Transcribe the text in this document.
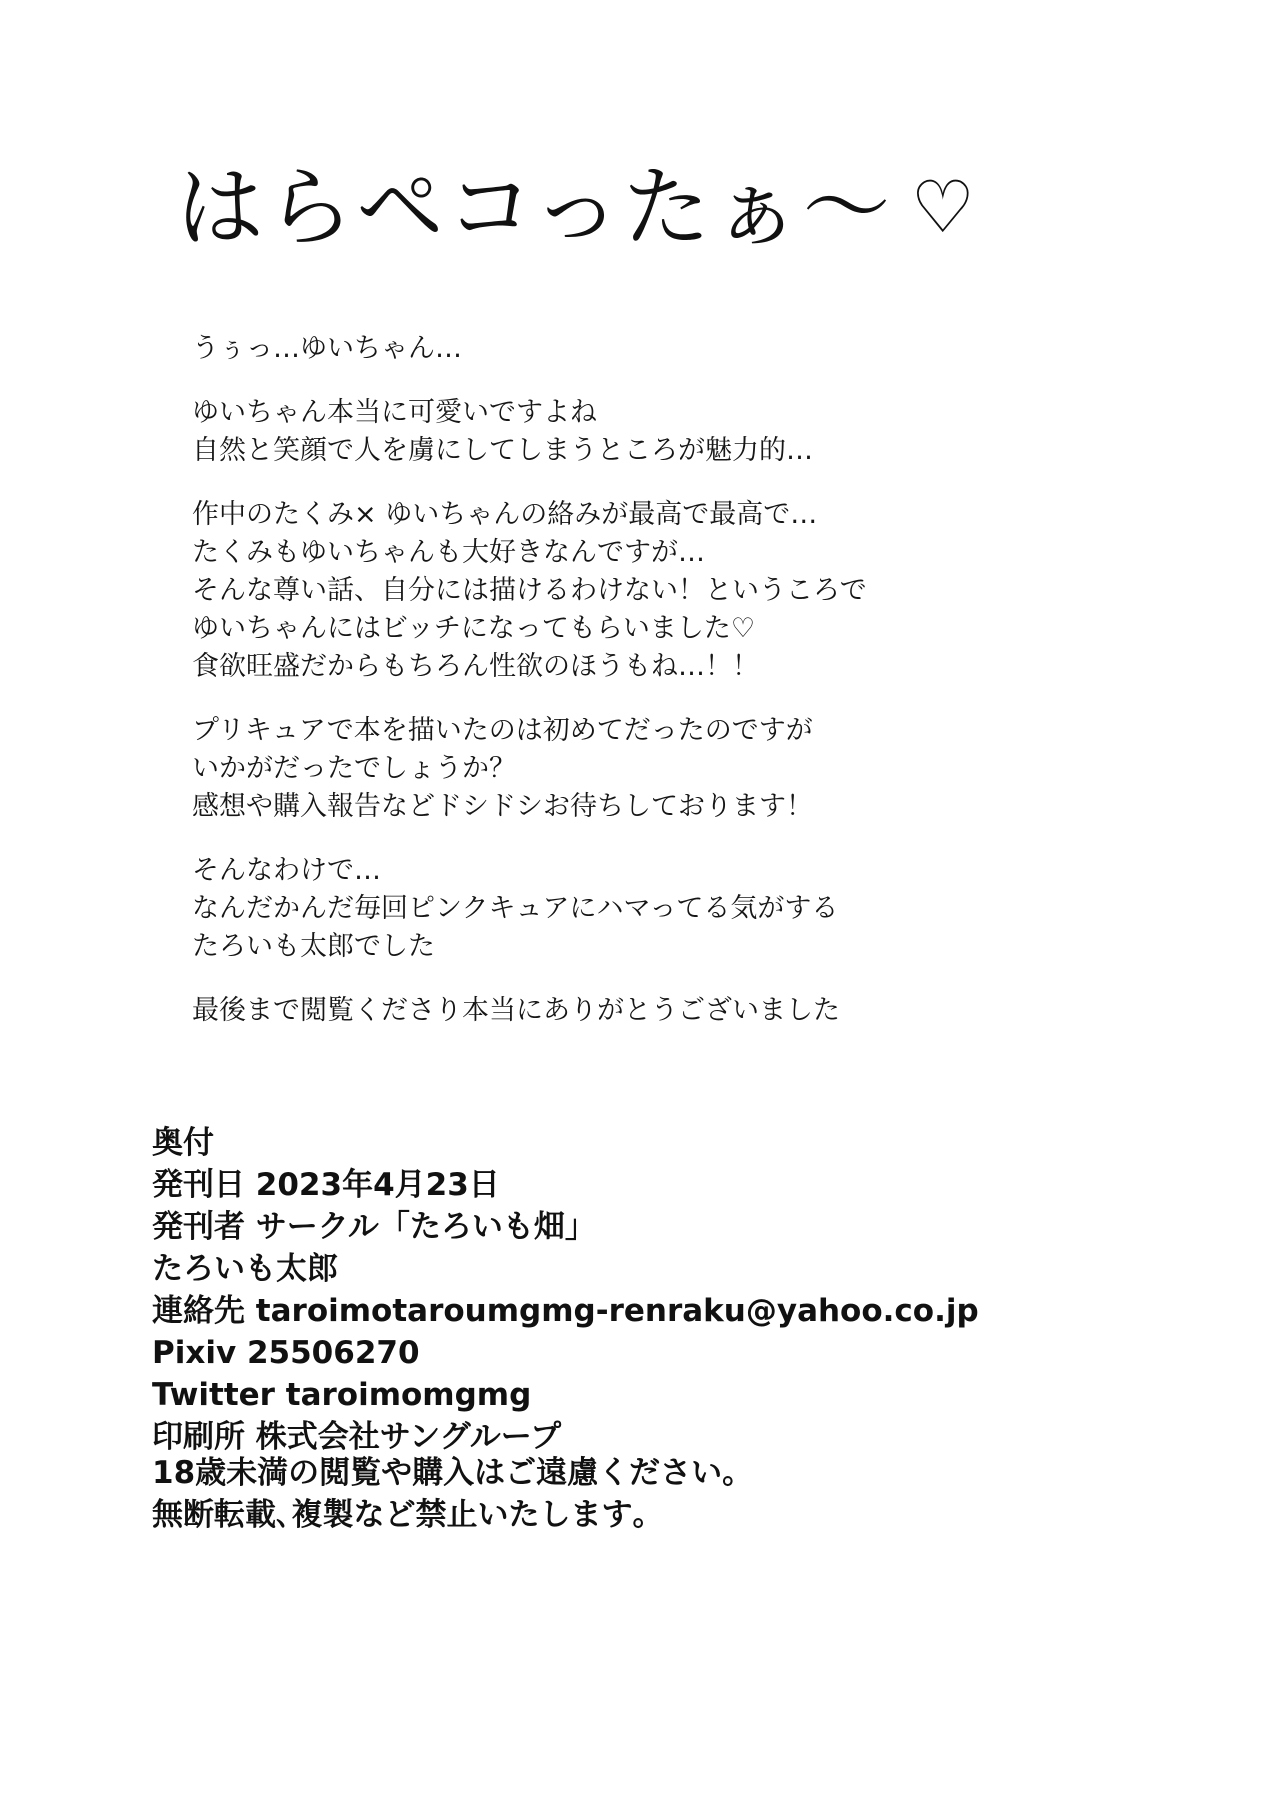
はらペコったぁ～ ♡

うぅっ…ゆいちゃん…

ゆいちゃん本当に可愛いですよね
自然と笑顔で人を虜にしてしまうところが魅力的…

作中のたくみ× ゆいちゃんの絡みが最高で最高で…
たくみもゆいちゃんも大好きなんですが…
そんな尊い話、自分には描けるわけない！というころで
ゆいちゃんにはビッチになってもらいました♡
食欲旺盛だからもちろん性欲のほうもね…！！

プリキュアで本を描いたのは初めてだったのですが
いかがだったでしょうか？
感想や購入報告などドシドシお待ちしております！

そんなわけで…
なんだかんだ毎回ピンクキュアにハマってる気がする
たろいも太郎でした

最後まで閲覧くださり本当にありがとうございました

奥付
発刊日 2023年4月23日
発刊者 サークル「たろいも畑」
たろいも太郎
連絡先 taroimotaroumgmg-renraku@yahoo.co.jp
Pixiv 25506270
Twitter taroimomgmg
印刷所 株式会社サングループ
18歳未満の閲覧や購入はご遠慮ください。
無断転載､複製など禁止いたします｡
